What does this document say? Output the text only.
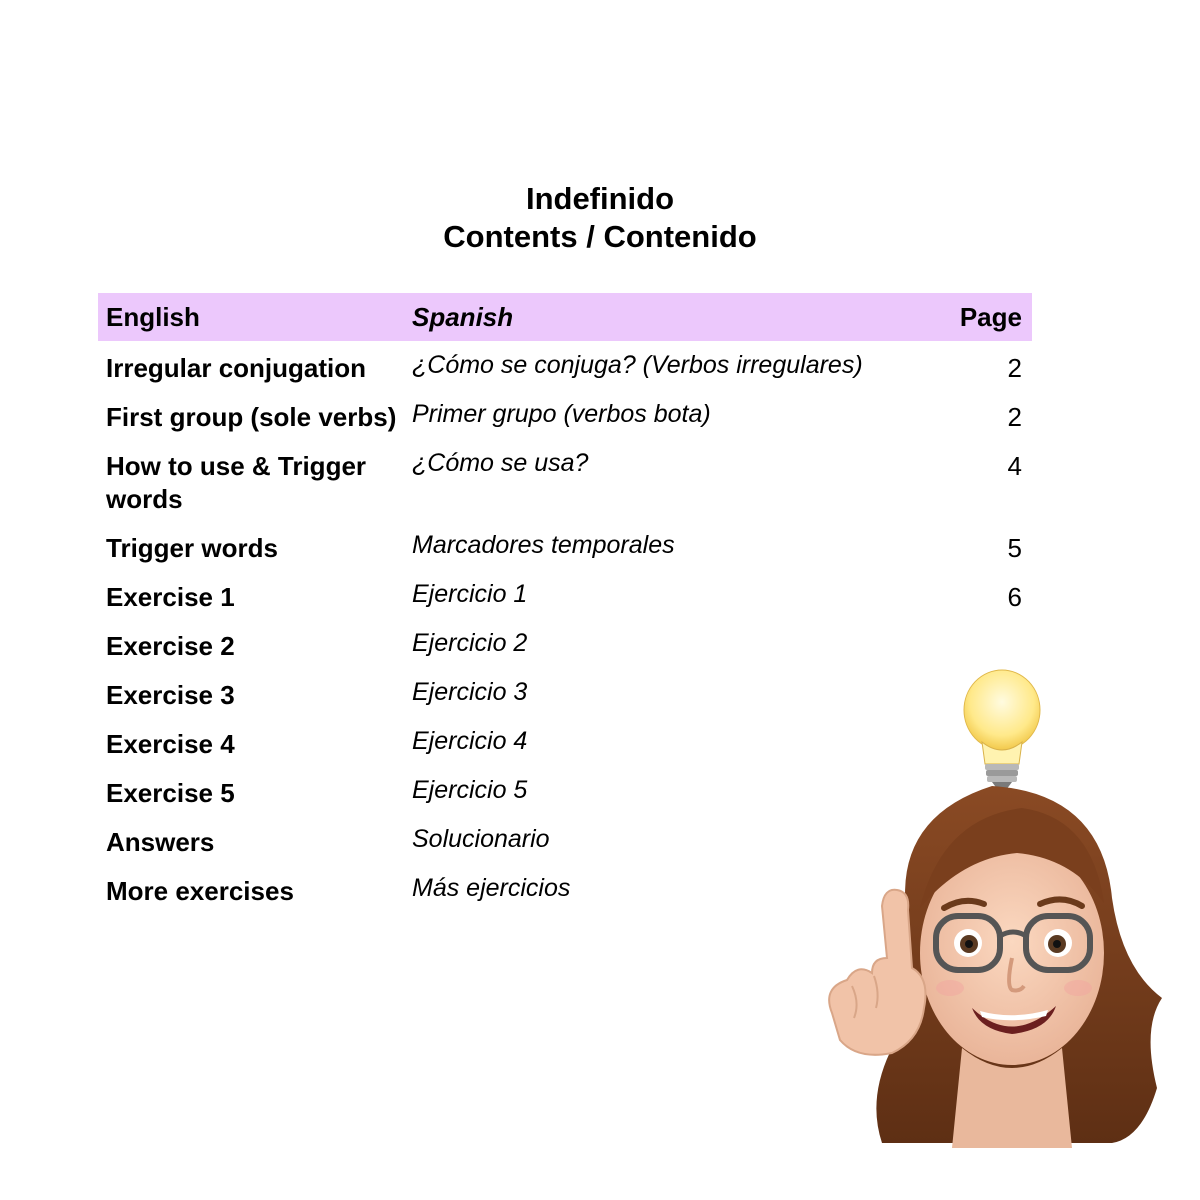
Indefinido

Contents / Contenido

English	Spanish	Page
Irregular conjugation	¿Cómo se conjuga? (Verbos irregulares)	2
First group (sole verbs)	Primer grupo (verbos bota)	2
How to use & Trigger words	¿Cómo se usa?	4
Trigger words	Marcadores temporales	5
Exercise 1	Ejercicio 1	6
Exercise 2	Ejercicio 2	
Exercise 3	Ejercicio 3	
Exercise 4	Ejercicio 4	
Exercise 5	Ejercicio 5	
Answers	Solucionario	
More exercises	Más ejercicios	
